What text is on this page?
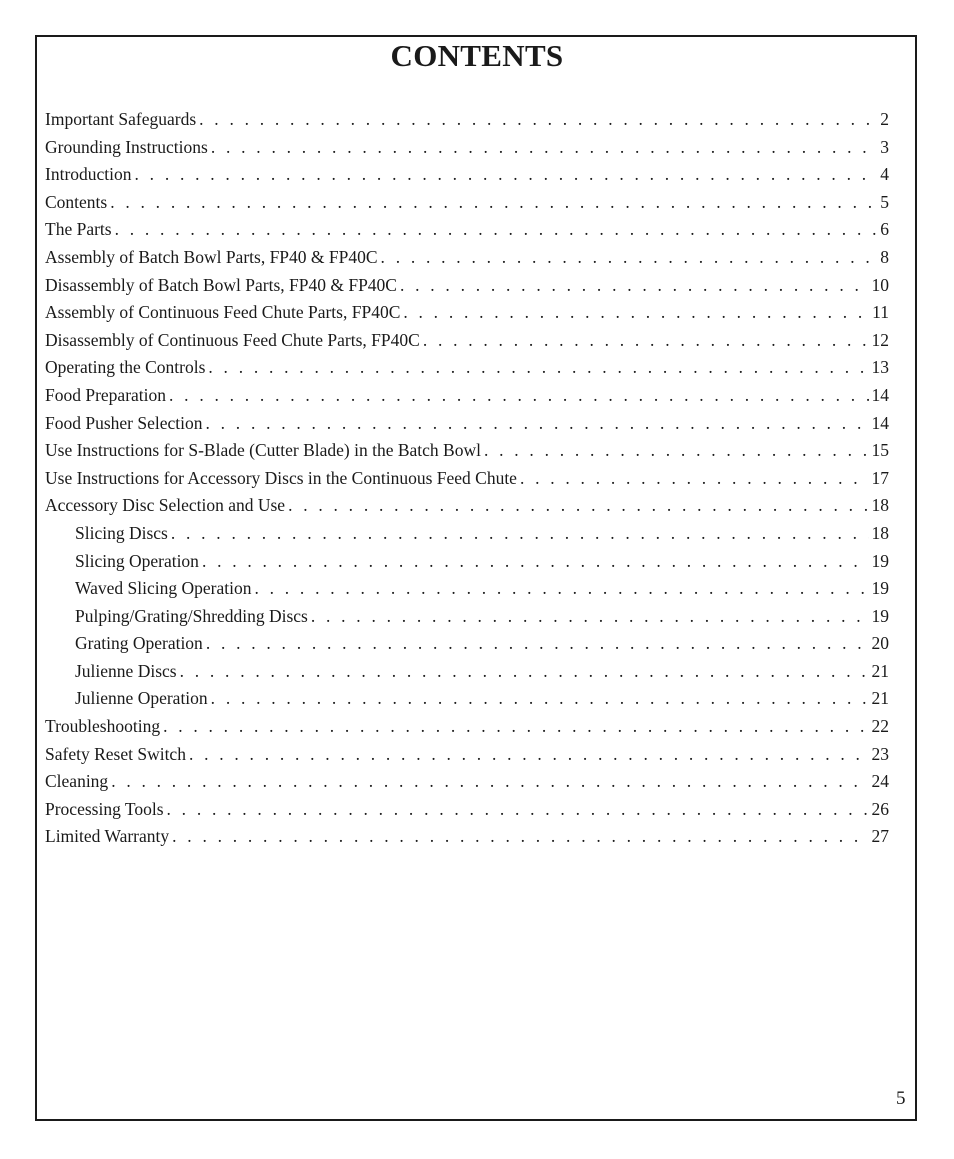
CONTENTS
Important Safeguards . . .	2
Grounding Instructions . . .	3
Introduction . . .	4
Contents . . .	5
The Parts . . .	6
Assembly of Batch Bowl Parts, FP40 & FP40C . . .	8
Disassembly of Batch Bowl Parts, FP40 & FP40C . . .	10
Assembly of Continuous Feed Chute Parts, FP40C . . .	11
Disassembly of Continuous Feed Chute Parts, FP40C . . .	12
Operating the Controls . . .	13
Food Preparation . . .	14
Food Pusher Selection . . .	14
Use Instructions for S-Blade (Cutter Blade) in the Batch Bowl . . .	15
Use Instructions for Accessory Discs in the Continuous Feed Chute . . .	17
Accessory Disc Selection and Use . . .	18
Slicing Discs . . .	18
Slicing Operation . . .	19
Waved Slicing Operation . . .	19
Pulping/Grating/Shredding Discs . . .	19
Grating Operation . . .	20
Julienne Discs . . .	21
Julienne Operation . . .	21
Troubleshooting . . .	22
Safety Reset Switch . . .	23
Cleaning . . .	24
Processing Tools . . .	26
Limited Warranty . . .	27
5
